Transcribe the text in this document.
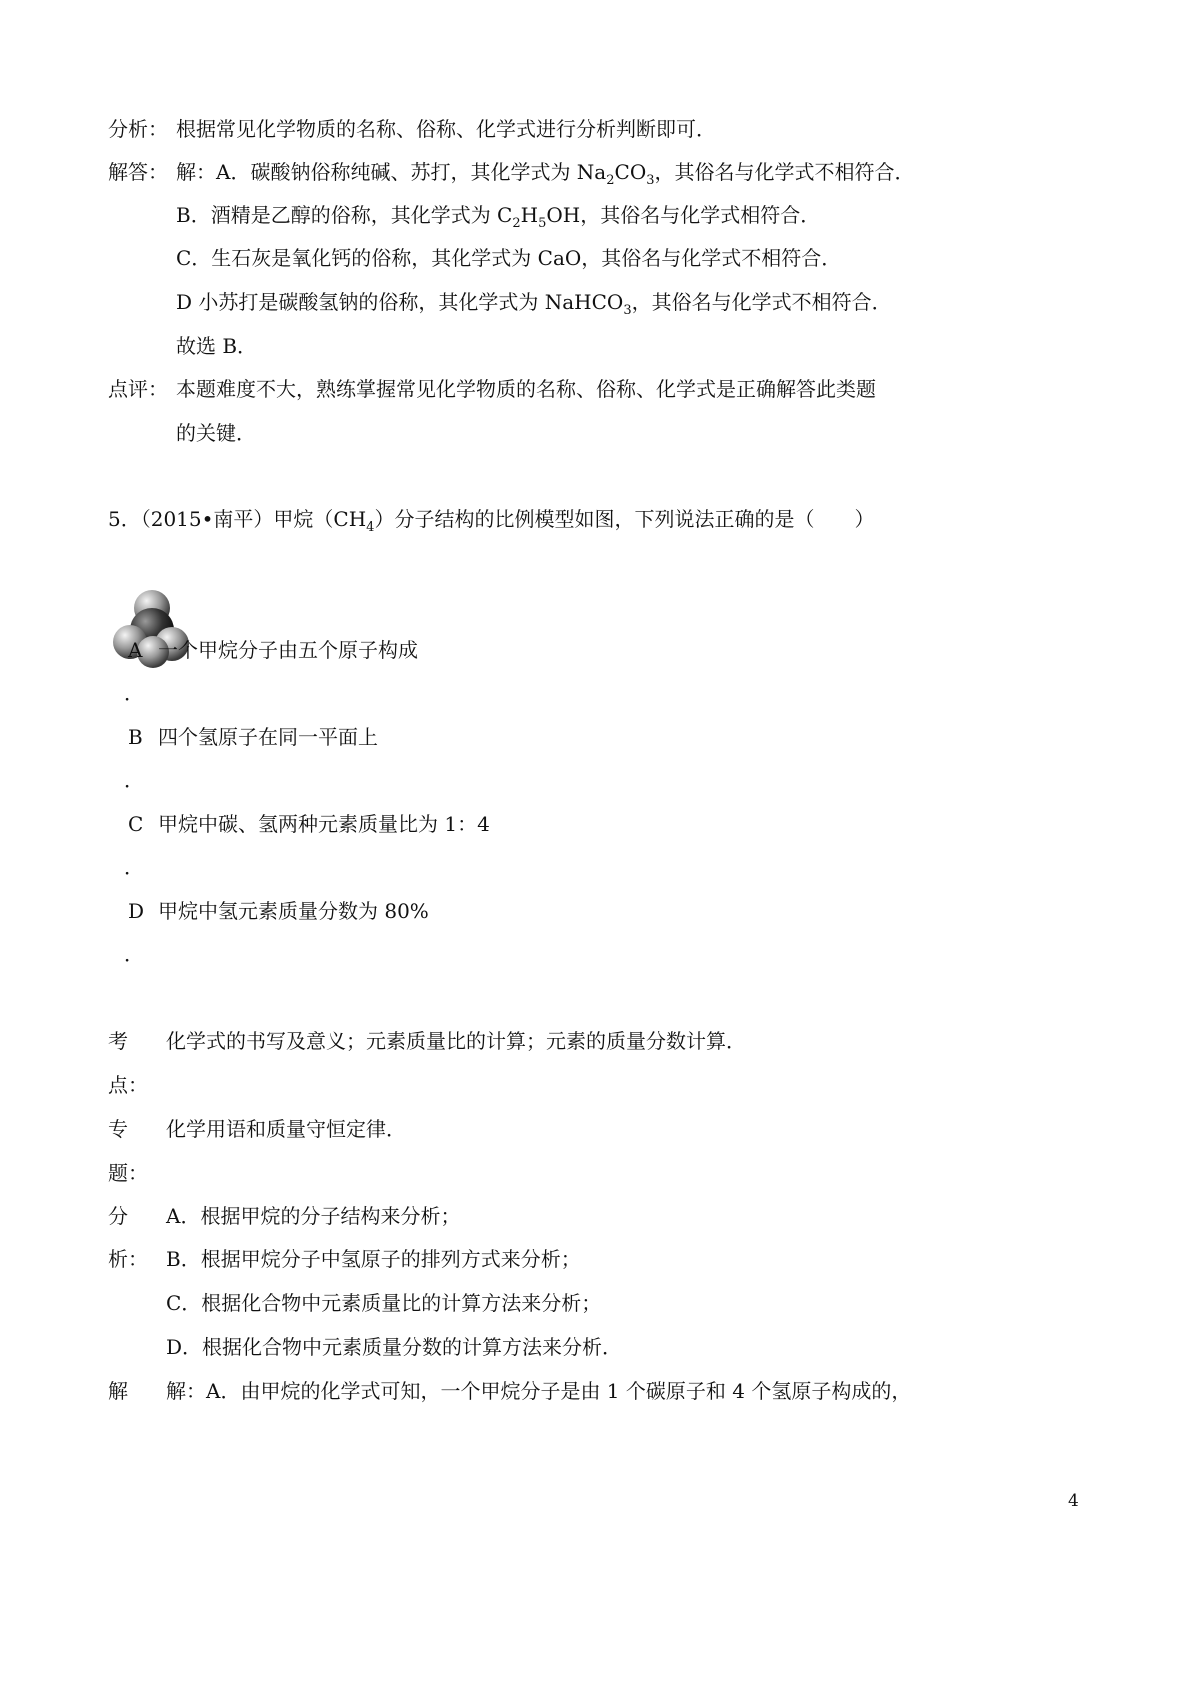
分析： 根据常见化学物质的名称、俗称、化学式进行分析判断即可．
解答： 解：A．碳酸钠俗称纯碱、苏打，其化学式为 $Na_2CO_3$，其俗名与化学式不相符合．
B．酒精是乙醇的俗称，其化学式为 $C_2H_5OH$，其俗名与化学式相符合．
C．生石灰是氧化钙的俗称，其化学式为 CaO，其俗名与化学式不相符合．
D 小苏打是碳酸氢钠的俗称，其化学式为 NaHCO$_3$，其俗名与化学式不相符合．
故选 B．
点评： 本题难度不大，熟练掌握常见化学物质的名称、俗称、化学式是正确解答此类题
的关键．
5．（2015•南平）甲烷$(CH_4)$分子结构的比例模型如图，下列说法正确的是（　　）
A 一个甲烷分子由五个原子构成
．
B 四个氢原子在同一平面上
．
C 甲烷中碳、氢两种元素质量比为 1：4
．
D 甲烷中氢元素质量分数为 80%
．
考 化学式的书写及意义；元素质量比的计算；元素的质量分数计算．
点：
专 化学用语和质量守恒定律．
题：
分 A．根据甲烷的分子结构来分析；
析： B．根据甲烷分子中氢原子的排列方式来分析；
C．根据化合物中元素质量比的计算方法来分析；
D．根据化合物中元素质量分数的计算方法来分析．
解 解：A．由甲烷的化学式可知，一个甲烷分子是由 1 个碳原子和 4 个氢原子构成的，
4
